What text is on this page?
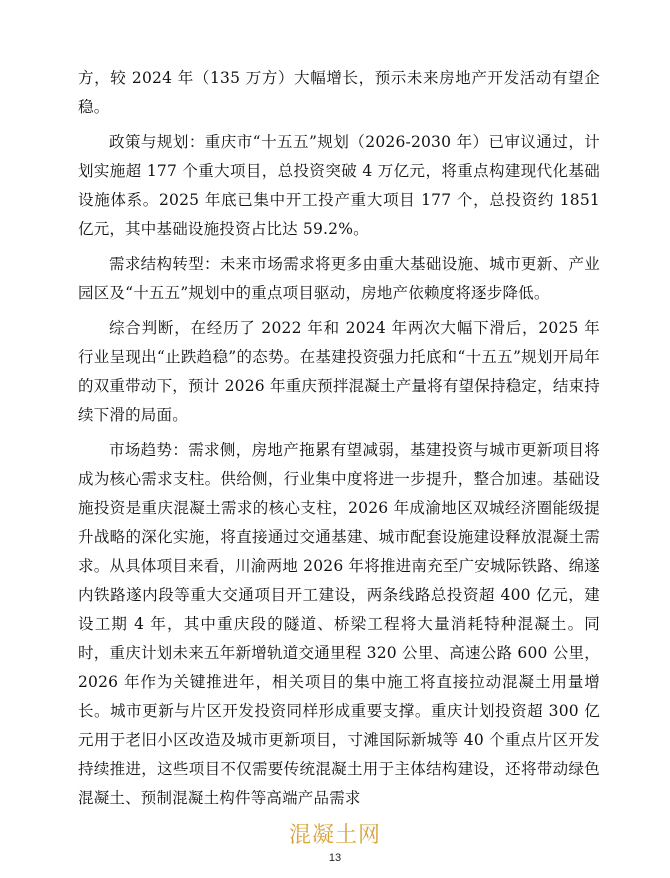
方，较 2024 年（135 万方）大幅增长，预示未来房地产开发活动有望企稳。

政策与规划：重庆市“十五五”规划（2026-2030 年）已审议通过，计划实施超 177 个重大项目，总投资突破 4 万亿元，将重点构建现代化基础设施体系。2025 年底已集中开工投产重大项目 177 个，总投资约 1851 亿元，其中基础设施投资占比达 59.2%。

需求结构转型：未来市场需求将更多由重大基础设施、城市更新、产业园区及“十五五”规划中的重点项目驱动，房地产依赖度将逐步降低。

综合判断，在经历了 2022 年和 2024 年两次大幅下滑后，2025 年行业呈现出“止跌趋稳”的态势。在基建投资强力托底和“十五五”规划开局年的双重带动下，预计 2026 年重庆预拌混凝土产量将有望保持稳定，结束持续下滑的局面。

市场趋势：需求侧，房地产拖累有望减弱，基建投资与城市更新项目将成为核心需求支柱。供给侧，行业集中度将进一步提升，整合加速。基础设施投资是重庆混凝土需求的核心支柱，2026 年成渝地区双城经济圈能级提升战略的深化实施，将直接通过交通基建、城市配套设施建设释放混凝土需求。从具体项目来看，川渝两地 2026 年将推进南充至广安城际铁路、绵遂内铁路遂内段等重大交通项目开工建设，两条线路总投资超 400 亿元，建设工期 4 年，其中重庆段的隧道、桥梁工程将大量消耗特种混凝土。同时，重庆计划未来五年新增轨道交通里程 320 公里、高速公路 600 公里，2026 年作为关键推进年，相关项目的集中施工将直接拉动混凝土用量增长。城市更新与片区开发投资同样形成重要支撑。重庆计划投资超 300 亿元用于老旧小区改造及城市更新项目，寸滩国际新城等 40 个重点片区开发持续推进，这些项目不仅需要传统混凝土用于主体结构建设，还将带动绿色混凝土、预制混凝土构件等高端产品需求

混凝土网
13
